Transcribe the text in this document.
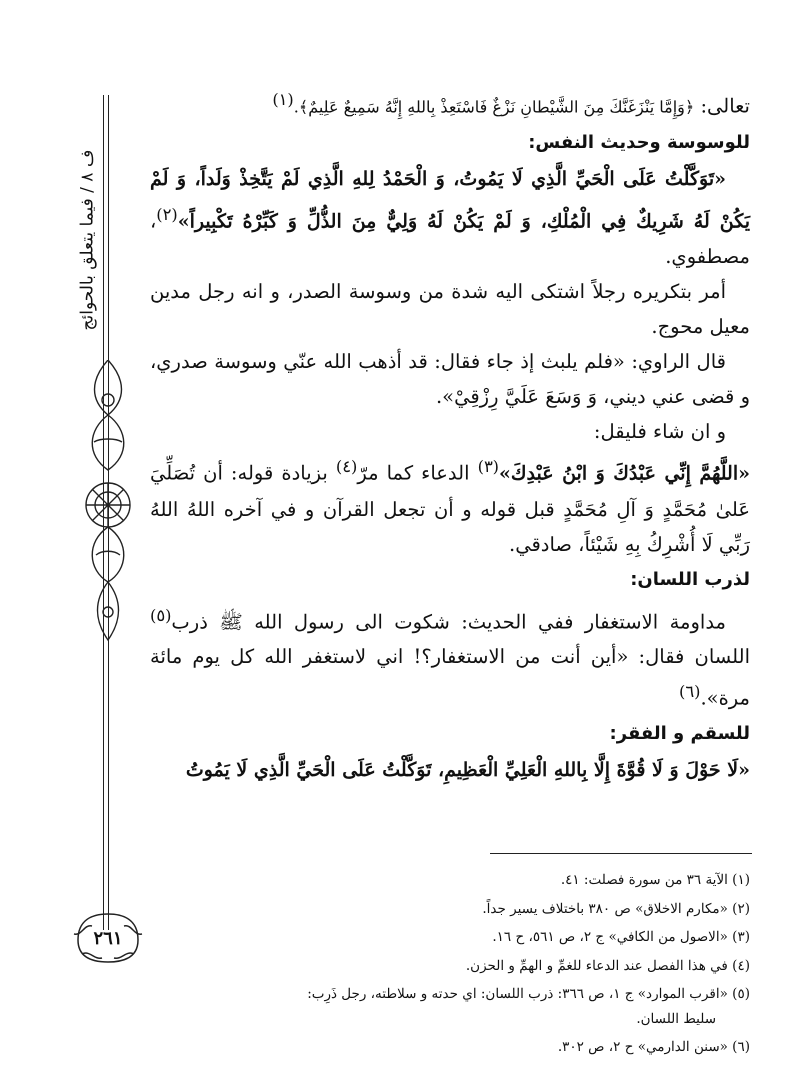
ف ۸ / فيما يتعلق بالحوائج
٢٦١

تعالى: ﴿وَإِمَّا يَنْزَغَنَّكَ مِنَ الشَّيْطانِ نَزْغٌ فَاسْتَعِذْ بِاللهِ إِنَّهُ سَمِيعٌ عَلِيمٌ﴾.$^{(١)}$

للوسوسة وحديث النفس:

«تَوَكَّلْتُ عَلَى الْحَيِّ الَّذِي لَا يَمُوتُ، وَ الْحَمْدُ لِلهِ الَّذِي لَمْ يَتَّخِذْ وَلَداً، وَ لَمْ يَكُنْ لَهُ شَرِيكٌ فِي الْمُلْكِ، وَ لَمْ يَكُنْ لَهُ وَلِيٌّ مِنَ الذُّلِّ وَ كَبِّرْهُ تَكْبِيراً»$^{(٢)}$، مصطفوي.

أمر بتكريره رجلاً اشتكى اليه شدة من وسوسة الصدر، و انه رجل مدين معيل محوج.

قال الراوي: «فلم يلبث إذ جاء فقال: قد أذهب الله عنّي وسوسة صدري، و قضى عني ديني، وَ وَسَعَ عَلَيَّ رِزْقِيْ».

و ان شاء فليقل:

«اللَّهُمَّ إِنِّي عَبْدُكَ وَ ابْنُ عَبْدِكَ»$^{(٣)}$ الدعاء كما مرّ$^{(٤)}$ بزيادة قوله: أن تُصَلِّيَ عَلىٰ مُحَمَّدٍ وَ آلِ مُحَمَّدٍ قبل قوله و أن تجعل القرآن و في آخره اللهُ اللهُ رَبِّي لَا أُشْرِكُ بِهِ شَيْئاً، صادقي.

لذرب اللسان:

مداومة الاستغفار ففي الحديث: شكوت الى رسول الله ﷺ ذرب$^{(٥)}$ اللسان فقال: «أين أنت من الاستغفار؟! اني لاستغفر الله كل يوم مائة مرة».$^{(٦)}$

للسقم و الفقر:

«لَا حَوْلَ وَ لَا قُوَّةَ إِلَّا بِاللهِ الْعَلِيِّ الْعَظِيمِ، تَوَكَّلْتُ عَلَى الْحَيِّ الَّذِي لَا يَمُوتُ

(١) الآية ٣٦ من سورة فصلت: ٤١.
(٢) «مكارم الاخلاق» ص ٣٨٠ باختلاف يسير جداً.
(٣) «الاصول من الكافي» ج ٢، ص ٥٦١، ح ١٦.
(٤) في هذا الفصل عند الدعاء للغمِّ و الهمِّ و الحزن.
(٥) «اقرب الموارد» ج ١، ص ٣٦٦: ذرب اللسان: اي حدته و سلاطته، رجل ذَرِب:
سليط اللسان.
(٦) «سنن الدارمي» ح ٢، ص ٣٠٢.
